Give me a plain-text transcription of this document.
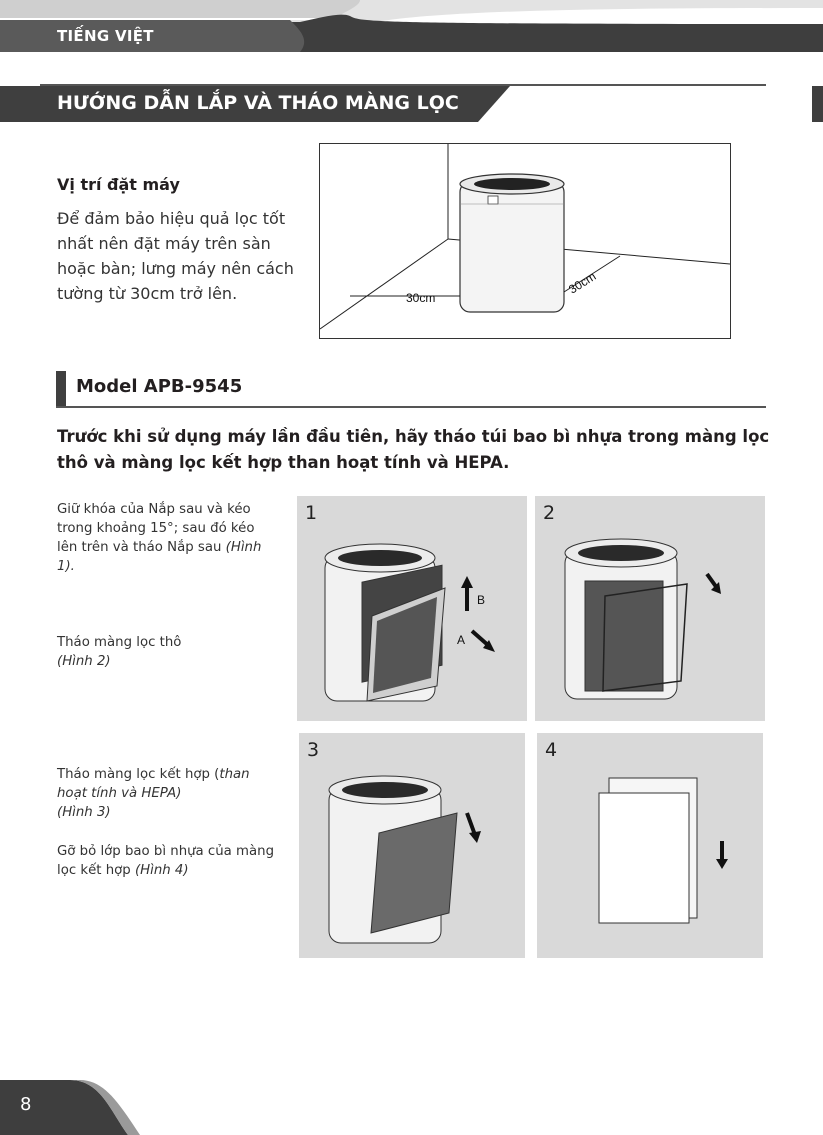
TIẾNG VIỆT
HƯỚNG DẪN LẮP VÀ THÁO MÀNG LỌC
Vị trí đặt máy
Để đảm bảo hiệu quả lọc tốt nhất nên đặt máy trên sàn hoặc bàn; lưng máy nên cách tường từ 30cm trở lên.	30cm
30cm
Model APB-9545
Trước khi sử dụng máy lần đầu tiên, hãy tháo túi bao bì nhựa trong màng lọc thô và màng lọc kết hợp than hoạt tính và HEPA.
Giữ khóa của Nắp sau và kéo trong khoảng 15°; sau đó kéo lên trên và tháo Nắp sau (Hình 1).
Tháo màng lọc thô
(Hình 2)
Tháo màng lọc kết hợp (than hoạt tính và HEPA)
(Hình 3)
Gỡ bỏ lớp bao bì nhựa của màng lọc kết hợp (Hình 4)
1
B
A
2
3	4
8
